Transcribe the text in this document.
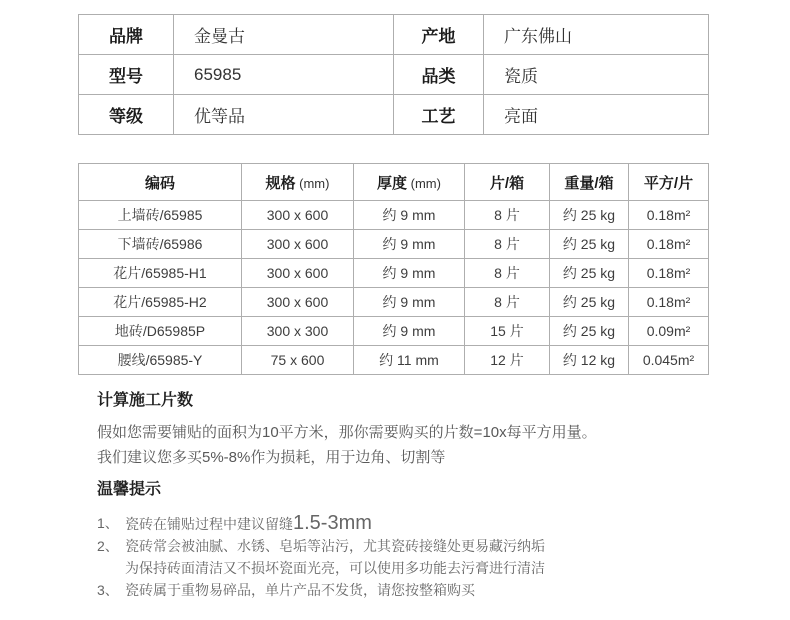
品牌	金曼古	产地	广东佛山
型号	65985	品类	瓷质
等级	优等品	工艺	亮面
编码	规格 (mm)	厚度 (mm)	片/箱	重量/箱	平方/片
上墙砖/65985	300 x 600	约 9 mm	8 片	约 25 kg	0.18m²
下墙砖/65986	300 x 600	约 9 mm	8 片	约 25 kg	0.18m²
花片/65985-H1	300 x 600	约 9 mm	8 片	约 25 kg	0.18m²
花片/65985-H2	300 x 600	约 9 mm	8 片	约 25 kg	0.18m²
地砖/D65985P	300 x 300	约 9 mm	15 片	约 25 kg	0.09m²
腰线/65985-Y	75 x 600	约 11 mm	12 片	约 12 kg	0.045m²
计算施工片数

假如您需要铺贴的面积为10平方米，那你需要购买的片数=10x每平方用量。

我们建议您多买5%-8%作为损耗，用于边角、切割等

温馨提示
1、 瓷砖在铺贴过程中建议留缝1.5-3mm
2、 瓷砖常会被油腻、水锈、皂垢等沾污，尤其瓷砖接缝处更易藏污纳垢
为保持砖面清洁又不损坏瓷面光亮，可以使用多功能去污膏进行清洁
3、 瓷砖属于重物易碎品，单片产品不发货，请您按整箱购买
